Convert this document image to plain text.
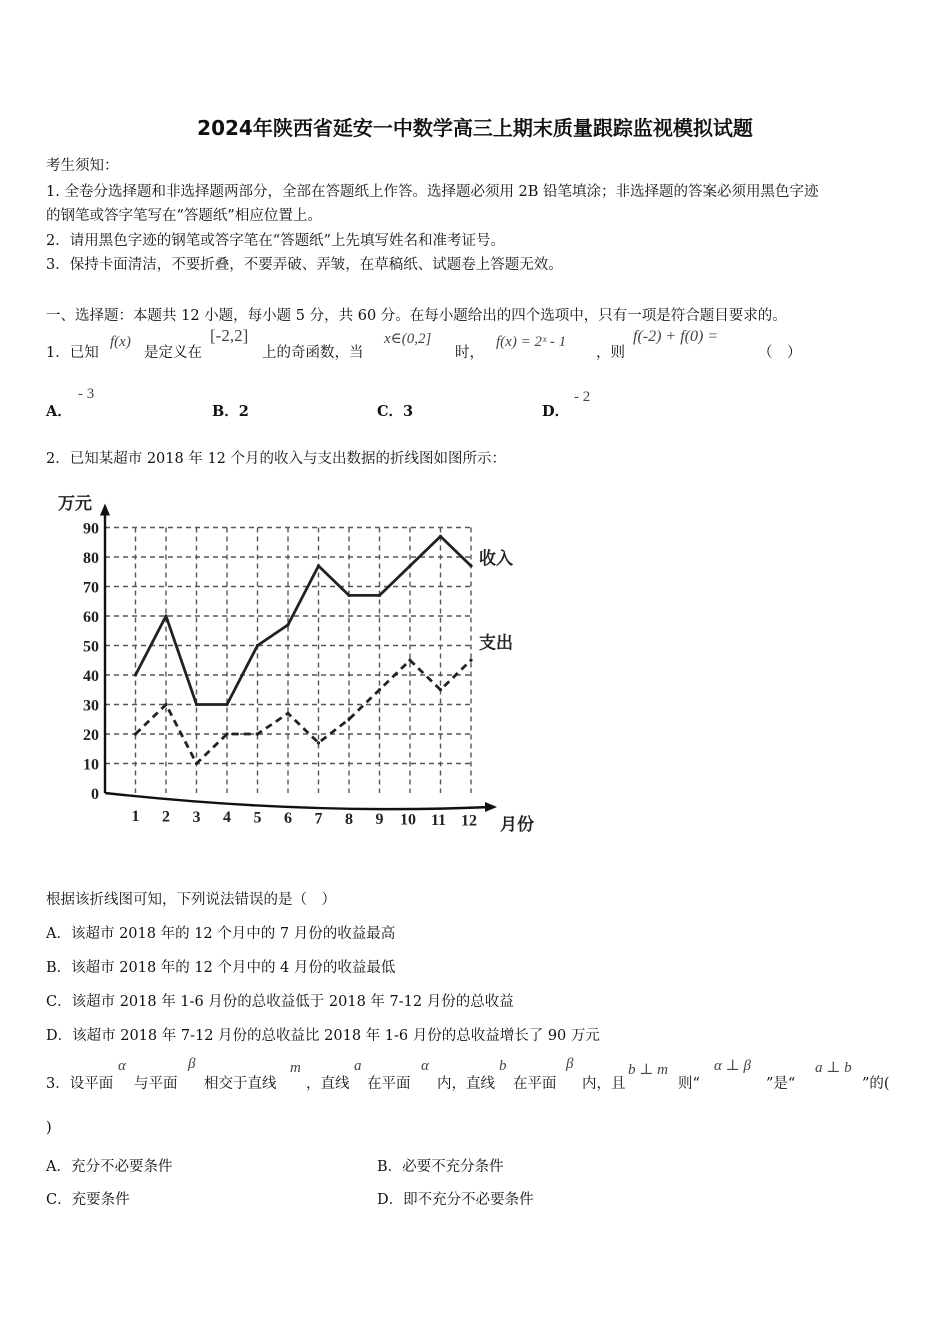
2024年陕西省延安一中数学高三上期末质量跟踪监视模拟试题
考生须知：
1. 全卷分选择题和非选择题两部分，全部在答题纸上作答。选择题必须用 2B 铅笔填涂；非选择题的答案必须用黑色字迹
的钢笔或答字笔写在“答题纸”相应位置上。
2．请用黑色字迹的钢笔或答字笔在“答题纸”上先填写姓名和准考证号。
3．保持卡面清洁，不要折叠，不要弄破、弄皱，在草稿纸、试题卷上答题无效。
一、选择题：本题共 12 小题，每小题 5 分，共 60 分。在每小题给出的四个选项中，只有一项是符合题目要求的。
1．已知
f(x)
是定义在
[-2,2]
上的奇函数，当
x∈(0,2]
时，
f(x) = 2ˣ - 1
，则
f(-2) + f(0) =
（　）
A．
- 3
B．2	C．3	D．
- 2
2．已知某超市 2018 年 12 个月的收入与支出数据的折线图如图所示：
0
10
20
30
40
50
60
70
80
90
1 2 3 4 5 6 7 8 9 10 11 12
收入
支出
万元
月份
根据该折线图可知，下列说法错误的是（　）
A．该超市 2018 年的 12 个月中的 7 月份的收益最高
B．该超市 2018 年的 12 个月中的 4 月份的收益最低
C．该超市 2018 年 1-6 月份的总收益低于 2018 年 7-12 月份的总收益
D．该超市 2018 年 7-12 月份的总收益比 2018 年 1-6 月份的总收益增长了 90 万元
3．设平面
α
与平面
β
相交于直线
m
，直线
a
在平面
α
内，直线
b
在平面
β
内，且
b ⊥ m
则“
α ⊥ β
”是“
a ⊥ b
”的(
)
A．充分不必要条件	B．必要不充分条件
C．充要条件	D．即不充分不必要条件
